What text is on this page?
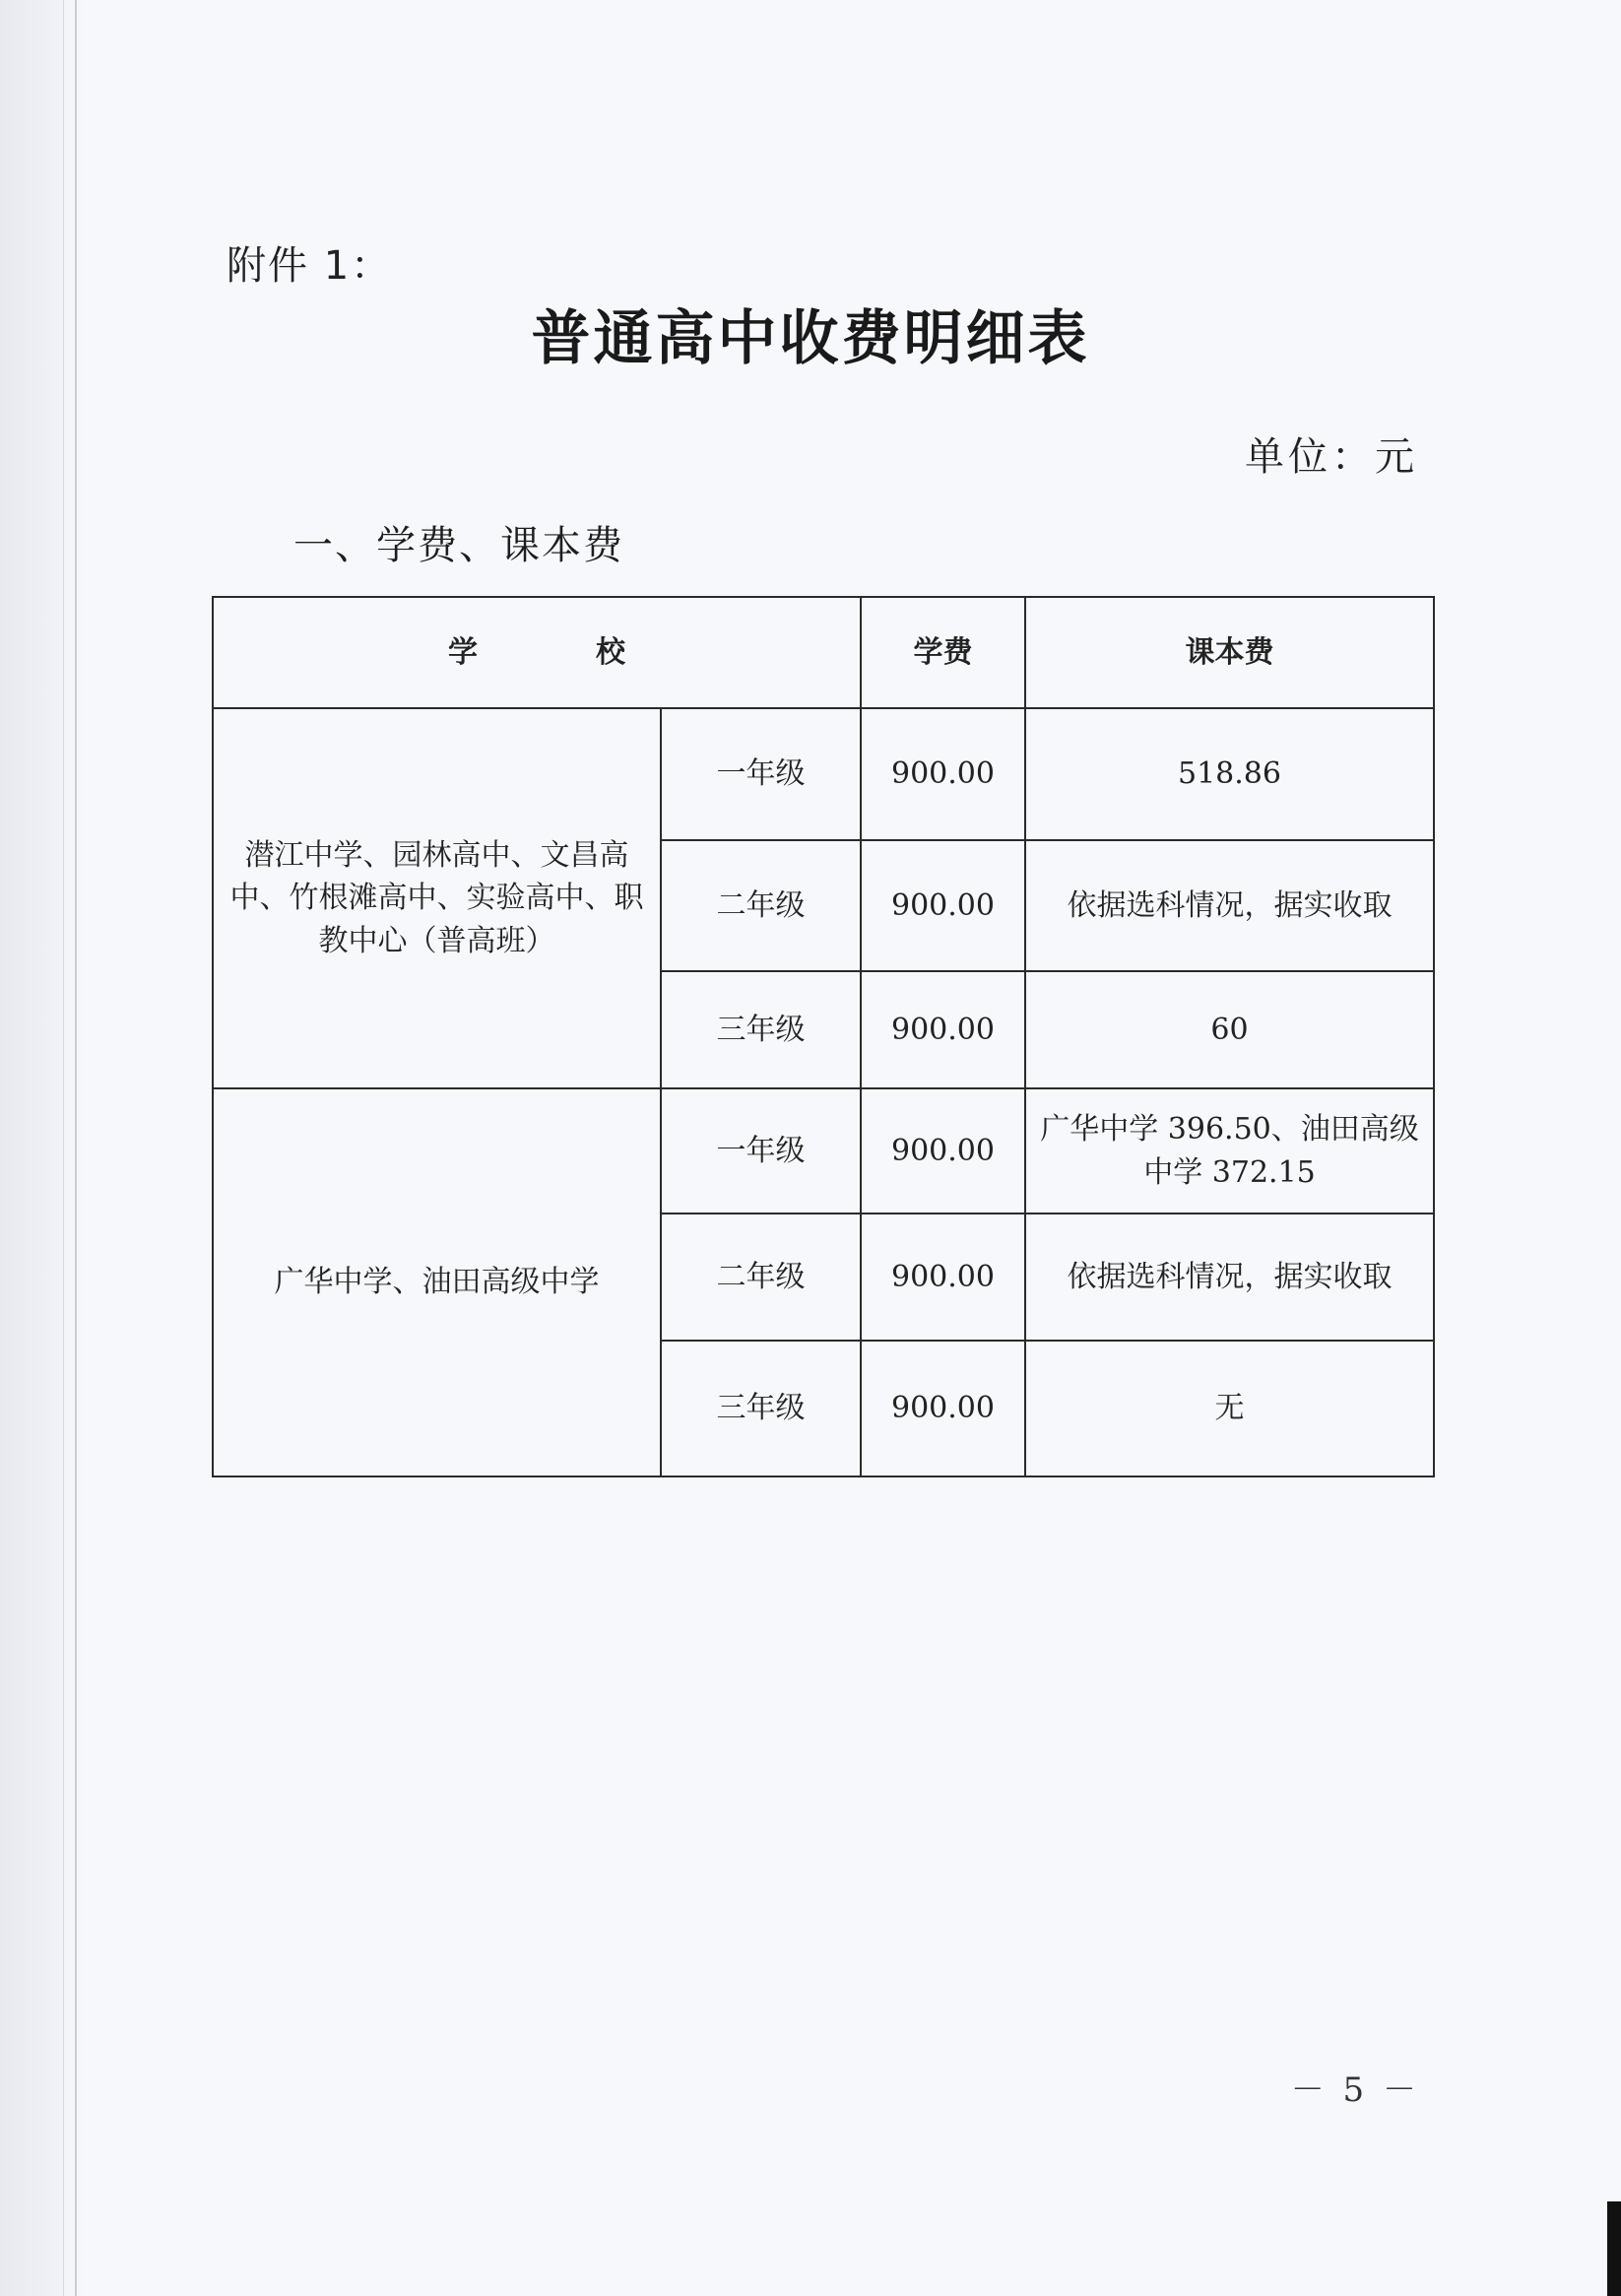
附件 1：
普通高中收费明细表
单位：元
一、学费、课本费
学　　　　校		学费	课本费
潜江中学、园林高中、文昌高中、竹根滩高中、实验高中、职教中心（普高班）	一年级	900.00	518.86
	二年级	900.00	依据选科情况，据实收取
	三年级	900.00	60
广华中学、油田高级中学	一年级	900.00	广华中学 396.50、油田高级中学 372.15
	二年级	900.00	依据选科情况，据实收取
	三年级	900.00	无
－ 5 －
